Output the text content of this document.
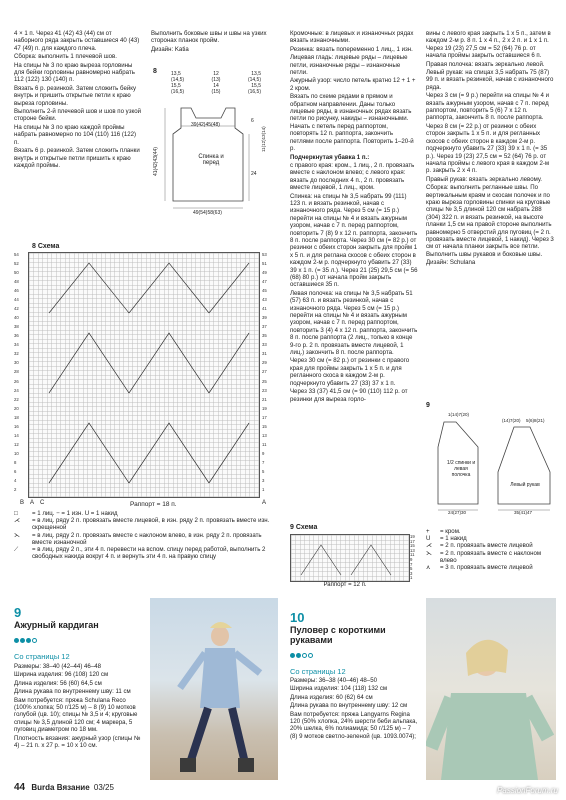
4 × 1 п. Через 41 (42) 43 (44) см от наборного ряда закрыть оставшиеся 40 (43) 47 (49) п. для каждого плеча.

Сборка: выполнить 1 плечевой шов.

На спицы № 3 по краю выреза горловины для бейки горловины равномерно набрать 112 (122) 130 (140) п.

Вязать 6 р. резинкой. Затем сложить бейку внутрь и пришить открытые петли к краю выреза горловины.

Выполнить 2-й плечевой шов и шов по узкой стороне бейки.

На спицы № 3 по краю каждой проймы набрать равномерно по 104 (110) 116 (122) п.

Вязать 6 р. резинкой. Затем сложить планки внутрь и открытые петли пришить к краю каждой проймы.

Выполнить боковые швы и швы на узких сторонах планок пройм.

Дизайн: Katia

8	13,5	12	13,5
(14,5)	(13)	(14,5)
15,5	14	15,5
(16,5)	(15)	(16,5)
39(42)45(48)
Спинка и перед
41(42)43(44)	24
11(12)13(14)
6
49(54)58(63)
8 Схема
54
52
50
48
46
44
42
40
38
36
34
32
30
28
26
24
22
20
18
16
14
12
10
8
6
4
2
53
51
49
47
45
43
41
39
37
35
33
31
29
27
25
23
21
19
17
15
13
11
9
7
5
3
1
B A C	A
Раппорт = 18 п.
□	= 1 лиц. − = 1 изн. U = 1 накид
⋌	= в лиц. ряду 2 п. провязать вместе лицевой, в изн. ряду 2 п. провязать вместе изн. скрещенной
⋋	= в лиц. ряду 2 п. провязать вместе с наклоном влево, в изн. ряду 2 п. провязать вместе изнаночной
⟋	= в лиц. ряду 2 п., эти 4 п. перевести на вспом. спицу перед работой, выполнить 2 свободных накида вокруг 4 п. и вернуть эти 4 п. на правую спицу

Кромочные: в лицевых и изнаночных рядах вязать изнаночными.

Резинка: вязать попеременно 1 лиц., 1 изн.

Лицевая гладь: лицевые ряды – лицевые петли, изнаночные ряды – изнаночные петли.

Ажурный узор: число петель кратно 12 + 1 + 2 кром.

Вязать по схеме рядами в прямом и обратном направлении. Даны только лицевые ряды, в изнаночных рядах вязать петли по рисунку, накиды – изнаночными. Начать с петель перед раппортом, повторять 12 п. раппорта, закончить петлями после раппорта. Повторить 1–20-й р.

Подчеркнутая убавка 1 п.:

с правого края: кром., 1 лиц., 2 п. провязать вместе с наклоном влево; с левого края: вязать до последних 4 п., 2 п. провязать вместе лицевой, 1 лиц., кром.

Спинка: на спицы № 3,5 набрать 99 (111) 123 п. и вязать резинкой, начав с изнаночного ряда. Через 5 см (= 15 р.) перейти на спицы № 4 и вязать ажурным узором, начав с 7 п. перед раппортом, повторить 7 (8) 9 х 12 п. раппорта, закончить 8 п. после раппорта. Через 30 см (= 82 р.) от резинки с обеих сторон закрыть для пройм 1 x 5 п. и для реглана скосов с обеих сторон в каждом 2-м р. подчеркнуто убавить 27 (33) 39 x 1 п. (= 35 л.). Через 21 (25) 29,5 см (= 56 (68) 80 р.) от начала пройм закрыть оставшиеся 35 п.

Левая полочка: на спицы № 3,5 набрать 51 (57) 63 п. и вязать резинкой, начав с изнаночного ряда. Через 5 см (= 15 р.) перейти на спицы № 4 и вязать ажурным узором, начав с 7 п. перед раппортом, повторить 3 (4) 4 х 12 п. раппорта, закончить 8 п. после раппорта (2 лиц., только в конце 9-го р. 2 п. провязать вместе лицевой, 1 лиц.) закончить 8 п. после раппорта.

Через 30 см (= 82 р.) от резинки с правого края для проймы закрыть 1 x 5 п. и для регланного скоса в каждом 2-м р. подчеркнуто убавить 27 (33) 37 x 1 п.

Через 33 (37) 41,5 см (= 90 (110) 112 р. от резинки для выреза горло-

вины с левого края закрыть 1 х 5 п., затем в каждом 2-м р. 8 п. 1 х 4 п., 2 х 2 п. и 1 х 1 п. Через 19 (23) 27,5 см = 52 (64) 76 р. от начала проймы закрыть оставшиеся 6 п.

Правая полочка: вязать зеркально левой.

Левый рукав: на спицах 3,5 набрать 75 (87) 99 п. и вязать резинкой, начав с изнаночного ряда.

Через 3 см (= 9 р.) перейти на спицы № 4 и вязать ажурным узором, начав с 7 п. перед раппортом, повторить 5 (6) 7 х 12 п. раппорта, закончить 8 п. после раппорта.

Через 8 см (= 22 р.) от резинки с обеих сторон закрыть 1 x 5 п. и для регланных скосов с обеих сторон в каждом 2-м р. подчеркнуто убавить 27 (33) 39 x 1 п. (= 35 р.). Через 19 (23) 27,5 см = 52 (64) 76 р. от начала проймы с левого края в каждом 2-м р. закрыть 2 х 4 п.

Правый рукав: вязать зеркально левому.

Сборка: выполнить регланные швы. По вертикальным краям и скосам полочек и по краю выреза горловины спинки на круговые спицы № 3,5 длиной 120 см набрать 288 (304) 322 п. и вязать резинкой, на высоте планки 1,5 см на правой стороне выполнить равномерно 5 отверстий для пуговиц (= 2 п. провязать вместе лицевой, 1 накид). Через 3 см от начала планки закрыть все петли. Выполнить швы рукавов и боковые швы.

Дизайн: Schulana

9
1(14)7(20)
(14)7(20) 5(6)8(21)
1/2 спинки и левая полочка
Левый рукав
24(27)30	35(41)47
9 Схема
19
17
15
13
11
9
7
5
3
1
Раппорт = 12 п.
+	= кром.
U	= 1 накид
⋌	= 2 п. провязать вместе лицевой
⋋	= 2 п. провязать вместе с наклоном влево
⋏	= 3 п. провязать вместе лицевой
9
Ажурный кардиган
Со страницы 12

Размеры: 38–40 (42–44) 46–48

Ширина изделия: 96 (108) 120 см

Длина изделия: 56 (60) 64,5 см

Длина рукава по внутреннему шву: 11 см

Вам потребуется: пряжа Schulana Reco (100% хлопка; 50 г/125 м) – 8 (9) 10 мотков голубой (цв. 10); спицы № 3,5 и 4; круговые спицы № 3,5 длиной 120 см; 4 маркера, 5 пуговиц диаметром по 18 мм.

Плотность вязания: ажурный узор (спицы № 4) – 21 п. х 27 р. = 10 x 10 см.

10
Пуловер с короткими рукавами
Со страницы 12

Размеры: 36–38 (40–46) 48–50

Ширина изделия: 104 (118) 132 см

Длина изделия: 60 (62) 64 см

Длина рукава по внутреннему шву: 12 см

Вам потребуется: пряжа Langyarns Regina 120 (50% хлопка, 24% шерсти беби альпака, 20% шелка, 6% полиамида; 50 г/125 м) – 7 (8) 9 мотков светло-зеленой (цв. 1093.0074);

44 Burda Вязание 03/25	PassionForum.ru
